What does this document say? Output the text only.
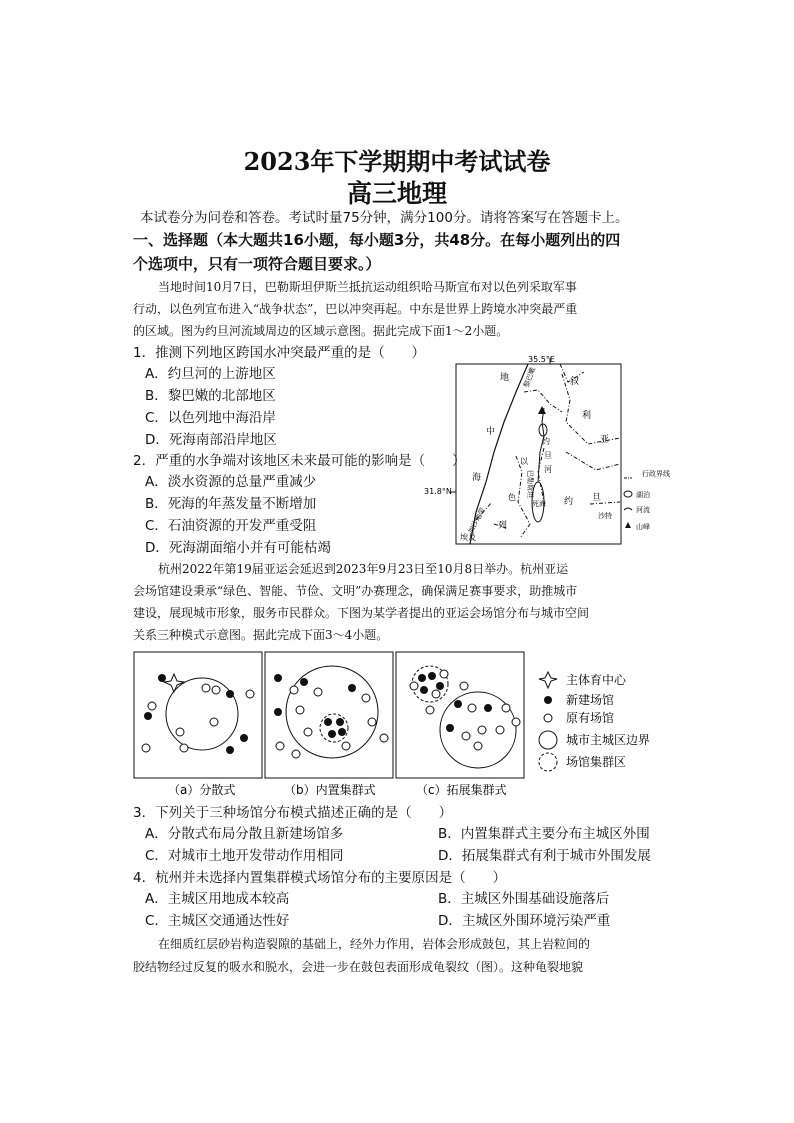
2023年下学期期中考试试卷
高三地理
本试卷分为问卷和答卷。考试时量75分钟，满分100分。请将答案写在答题卡上。
一、选择题（本大题共16小题，每小题3分，共48分。在每小题列出的四
个选项中，只有一项符合题目要求。）
当地时间10月7日，巴勒斯坦伊斯兰抵抗运动组织哈马斯宣布对以色列采取军事
行动，以色列宣布进入“战争状态”，巴以冲突再起。中东是世界上跨境水冲突最严重
的区域。图为约旦河流域周边的区域示意图。据此完成下面1～2小题。
1．推测下列地区跨国水冲突最严重的是（　　）
A．约旦河的上游地区
B．黎巴嫩的北部地区
C．以色列地中海沿岸
D．死海南部沿岸地区
2．严重的水争端对该地区未来最可能的影响是（　　）
A．淡水资源的总量严重减少
B．死海的年蒸发量不断增加
C．石油资源的开发严重受阻
D．死海湖面缩小并有可能枯竭
35.5°E
31.8°N
地
中
海
叙
利
亚
黎巴嫩
约
旦
河
以
巴勒斯坦
色
列
死海
加沙地带
埃及
约 旦
沙特
行政界线
湖泊
河流
山峰
杭州2022年第19届亚运会延迟到2023年9月23日至10月8日举办。杭州亚运
会场馆建设秉承“绿色、智能、节俭、文明”办赛理念，确保满足赛事要求，助推城市
建设，展现城市形象，服务市民群众。下图为某学者提出的亚运会场馆分布与城市空间
关系三种模式示意图。据此完成下面3～4小题。
（a）分散式	（b）内置集群式	（c）拓展集群式
主体育中心
新建场馆
原有场馆
城市主城区边界
场馆集群区
3．下列关于三种场馆分布模式描述正确的是（　　）
A．分散式布局分散且新建场馆多	B．内置集群式主要分布主城区外围
C．对城市土地开发带动作用相同	D．拓展集群式有利于城市外围发展
4．杭州并未选择内置集群模式场馆分布的主要原因是（　　）
A．主城区用地成本较高	B．主城区外围基础设施落后
C．主城区交通通达性好	D．主城区外围环境污染严重
在细质红层砂岩构造裂隙的基础上，经外力作用，岩体会形成鼓包，其上岩粒间的
胶结物经过反复的吸水和脱水，会进一步在鼓包表面形成龟裂纹（图）。这种龟裂地貌
